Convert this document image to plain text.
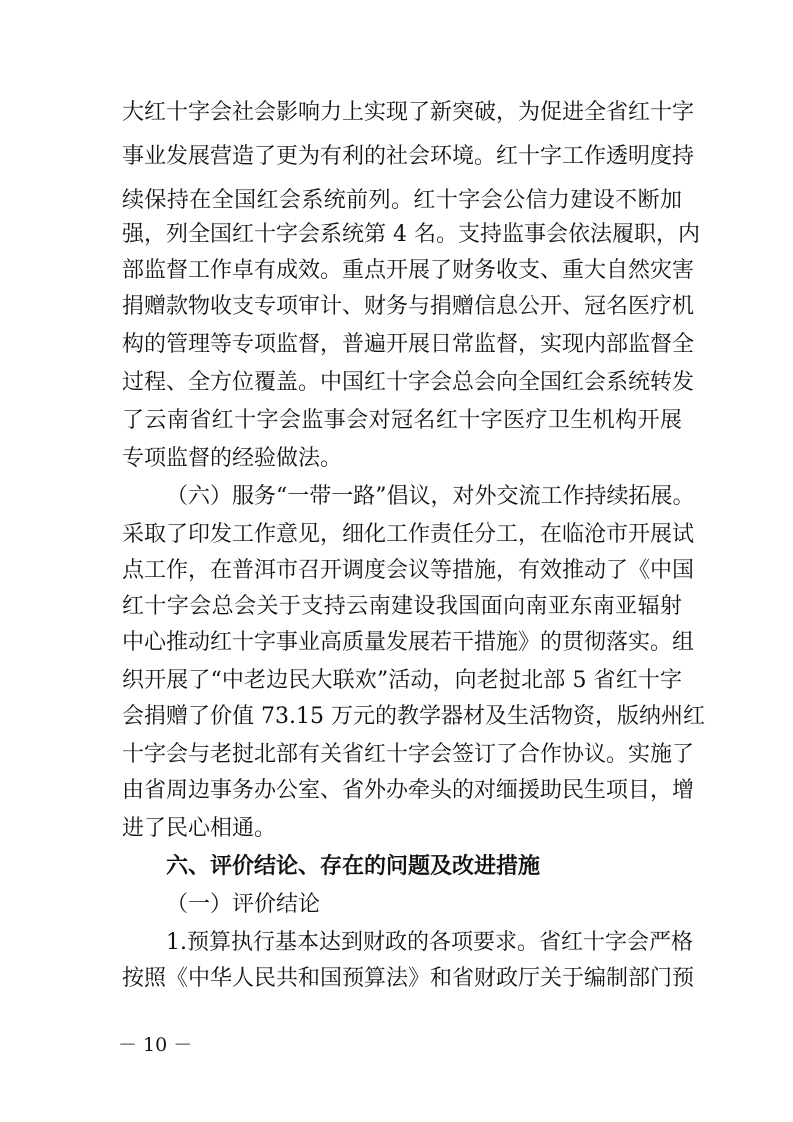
大红十字会社会影响力上实现了新突破，为促进全省红十字
事业发展营造了更为有利的社会环境。红十字工作透明度持
续保持在全国红会系统前列。红十字会公信力建设不断加
强，列全国红十字会系统第 4 名。支持监事会依法履职，内
部监督工作卓有成效。重点开展了财务收支、重大自然灾害
捐赠款物收支专项审计、财务与捐赠信息公开、冠名医疗机
构的管理等专项监督，普遍开展日常监督，实现内部监督全
过程、全方位覆盖。中国红十字会总会向全国红会系统转发
了云南省红十字会监事会对冠名红十字医疗卫生机构开展
专项监督的经验做法。
（六）服务“一带一路”倡议，对外交流工作持续拓展。
采取了印发工作意见，细化工作责任分工，在临沧市开展试
点工作，在普洱市召开调度会议等措施，有效推动了《中国
红十字会总会关于支持云南建设我国面向南亚东南亚辐射
中心推动红十字事业高质量发展若干措施》的贯彻落实。组
织开展了“中老边民大联欢”活动，向老挝北部 5 省红十字
会捐赠了价值 73.15 万元的教学器材及生活物资，版纳州红
十字会与老挝北部有关省红十字会签订了合作协议。实施了
由省周边事务办公室、省外办牵头的对缅援助民生项目，增
进了民心相通。
六、评价结论、存在的问题及改进措施
（一）评价结论
1.预算执行基本达到财政的各项要求。省红十字会严格
按照《中华人民共和国预算法》和省财政厅关于编制部门预
－ 10 －
